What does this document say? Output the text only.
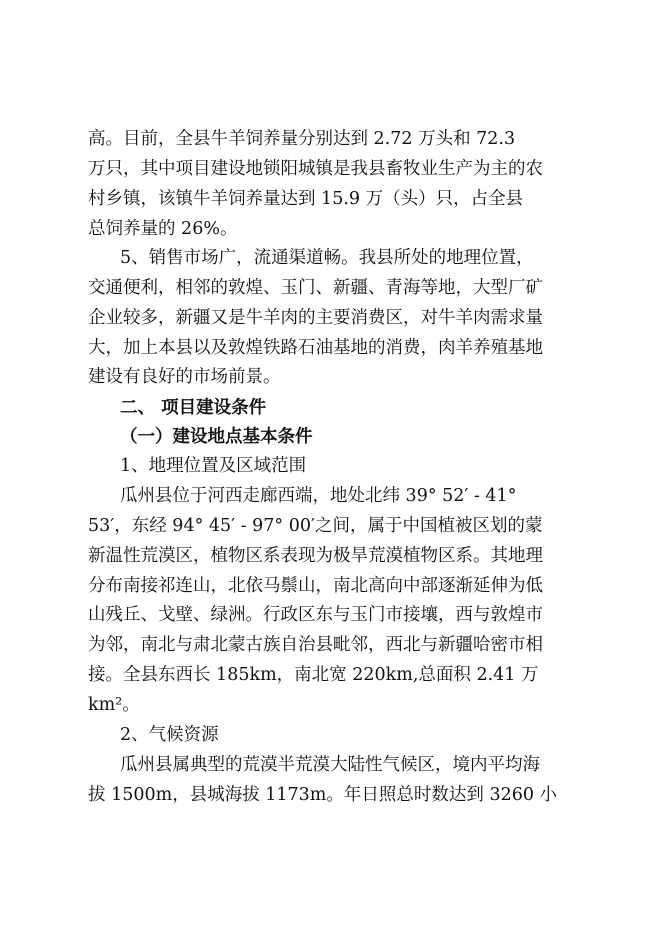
高。目前，全县牛羊饲养量分别达到 2.72 万头和 72.3
万只，其中项目建设地锁阳城镇是我县畜牧业生产为主的农
村乡镇，该镇牛羊饲养量达到 15.9 万（头）只，占全县
总饲养量的 26%。
5、销售市场广，流通渠道畅。我县所处的地理位置，
交通便利，相邻的敦煌、玉门、新疆、青海等地，大型厂矿
企业较多，新疆又是牛羊肉的主要消费区，对牛羊肉需求量
大，加上本县以及敦煌铁路石油基地的消费，肉羊养殖基地
建设有良好的市场前景。
二、 项目建设条件
（一）建设地点基本条件
1、地理位置及区域范围
瓜州县位于河西走廊西端，地处北纬 39° 52′ - 41°
53′，东经 94° 45′ - 97° 00′之间，属于中国植被区划的蒙
新温性荒漠区，植物区系表现为极旱荒漠植物区系。其地理
分布南接祁连山，北依马鬃山，南北高向中部逐渐延伸为低
山残丘、戈壁、绿洲。行政区东与玉门市接壤，西与敦煌市
为邻，南北与肃北蒙古族自治县毗邻，西北与新疆哈密市相
接。全县东西长 185km，南北宽 220km,总面积 2.41 万
km²。
2、气候资源
瓜州县属典型的荒漠半荒漠大陆性气候区，境内平均海
拔 1500m，县城海拔 1173m。年日照总时数达到 3260 小
